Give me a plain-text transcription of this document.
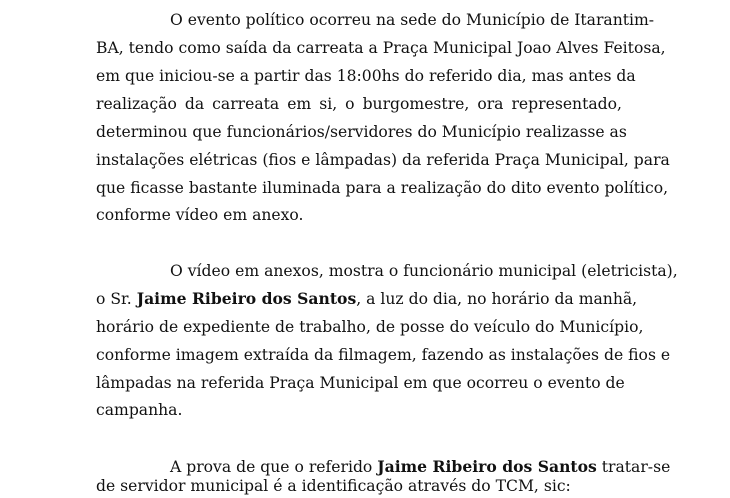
O evento político ocorreu na sede do Município de Itarantim-
BA, tendo como saída da carreata a Praça Municipal Joao Alves Feitosa,
em que iniciou-se a partir das 18:00hs do referido dia, mas antes da
realização da carreata em si, o burgomestre, ora representado,
determinou que funcionários/servidores do Município realizasse as
instalações elétricas (fios e lâmpadas) da referida Praça Municipal, para
que ficasse bastante iluminada para a realização do dito evento político,
conforme vídeo em anexo.
O vídeo em anexos, mostra o funcionário municipal (eletricista),
o Sr. Jaime Ribeiro dos Santos, a luz do dia, no horário da manhã,
horário de expediente de trabalho, de posse do veículo do Município,
conforme imagem extraída da filmagem, fazendo as instalações de fios e
lâmpadas na referida Praça Municipal em que ocorreu o evento de
campanha.
A prova de que o referido Jaime Ribeiro dos Santos tratar-se
de servidor municipal é a identificação através do TCM, sic:
